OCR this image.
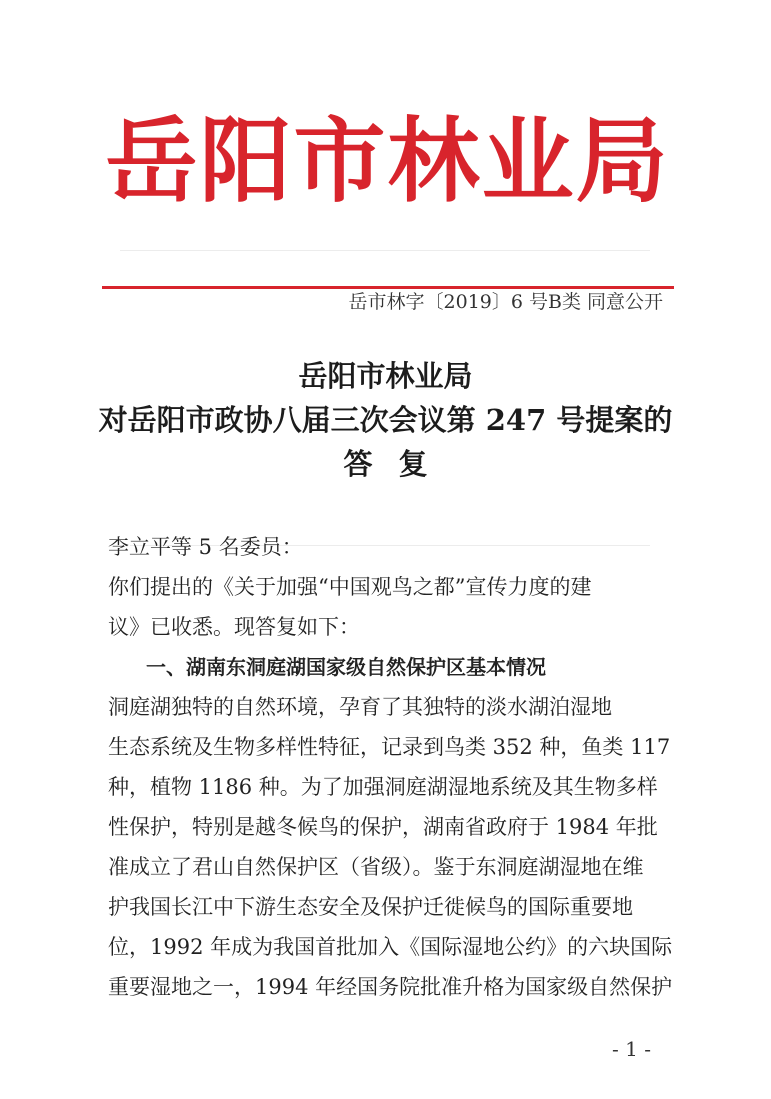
岳阳市林业局
岳市林字〔2019〕6 号B类 同意公开
岳阳市林业局
对岳阳市政协八届三次会议第 247 号提案的
答复
李立平等 5 名委员：
你们提出的《关于加强“中国观鸟之都”宣传力度的建
议》已收悉。现答复如下：
一、湖南东洞庭湖国家级自然保护区基本情况
洞庭湖独特的自然环境，孕育了其独特的淡水湖泊湿地
生态系统及生物多样性特征，记录到鸟类 352 种，鱼类 117
种，植物 1186 种。为了加强洞庭湖湿地系统及其生物多样
性保护，特别是越冬候鸟的保护，湖南省政府于 1984 年批
准成立了君山自然保护区（省级）。鉴于东洞庭湖湿地在维
护我国长江中下游生态安全及保护迁徙候鸟的国际重要地
位，1992 年成为我国首批加入《国际湿地公约》的六块国际
重要湿地之一，1994 年经国务院批准升格为国家级自然保护
- 1 -
